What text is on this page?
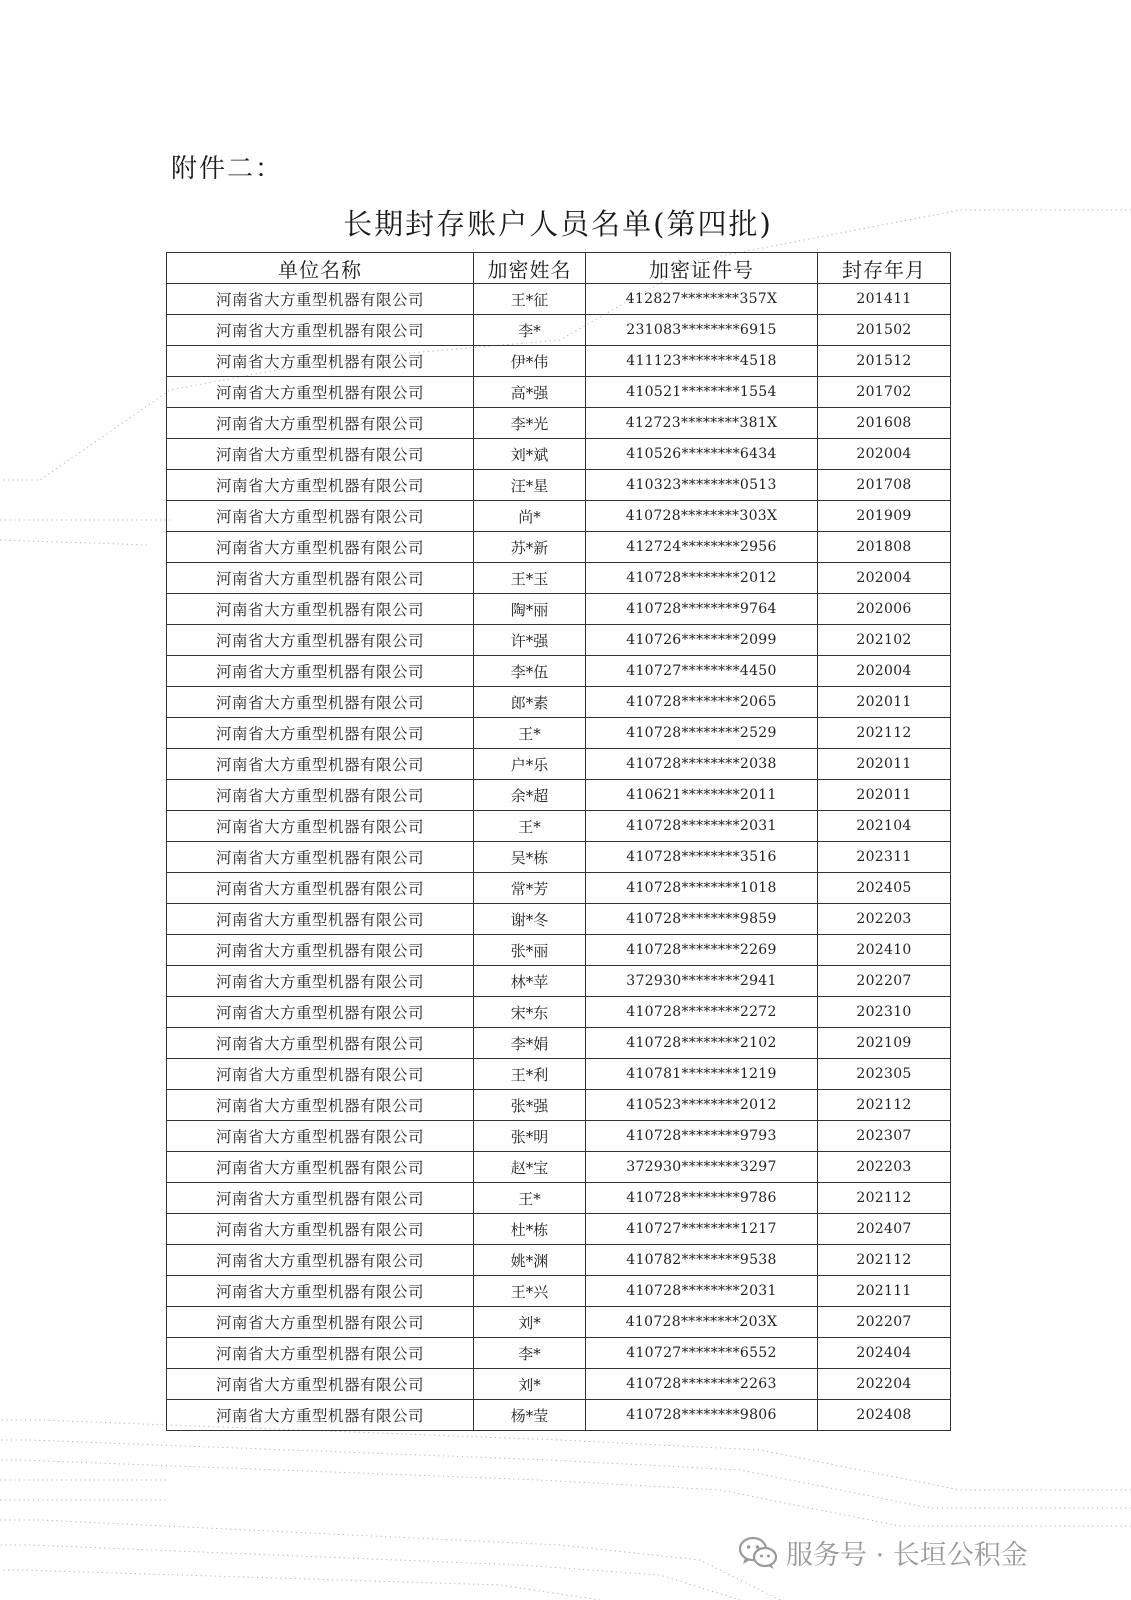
附件二：
长期封存账户人员名单(第四批)
单位名称	加密姓名	加密证件号	封存年月
河南省大方重型机器有限公司	王*征	412827********357X	201411
河南省大方重型机器有限公司	李*	231083********6915	201502
河南省大方重型机器有限公司	伊*伟	411123********4518	201512
河南省大方重型机器有限公司	高*强	410521********1554	201702
河南省大方重型机器有限公司	李*光	412723********381X	201608
河南省大方重型机器有限公司	刘*斌	410526********6434	202004
河南省大方重型机器有限公司	汪*星	410323********0513	201708
河南省大方重型机器有限公司	尚*	410728********303X	201909
河南省大方重型机器有限公司	苏*新	412724********2956	201808
河南省大方重型机器有限公司	王*玉	410728********2012	202004
河南省大方重型机器有限公司	陶*丽	410728********9764	202006
河南省大方重型机器有限公司	许*强	410726********2099	202102
河南省大方重型机器有限公司	李*伍	410727********4450	202004
河南省大方重型机器有限公司	郎*素	410728********2065	202011
河南省大方重型机器有限公司	王*	410728********2529	202112
河南省大方重型机器有限公司	户*乐	410728********2038	202011
河南省大方重型机器有限公司	余*超	410621********2011	202011
河南省大方重型机器有限公司	王*	410728********2031	202104
河南省大方重型机器有限公司	吴*栋	410728********3516	202311
河南省大方重型机器有限公司	常*芳	410728********1018	202405
河南省大方重型机器有限公司	谢*冬	410728********9859	202203
河南省大方重型机器有限公司	张*丽	410728********2269	202410
河南省大方重型机器有限公司	林*苹	372930********2941	202207
河南省大方重型机器有限公司	宋*东	410728********2272	202310
河南省大方重型机器有限公司	李*娟	410728********2102	202109
河南省大方重型机器有限公司	王*利	410781********1219	202305
河南省大方重型机器有限公司	张*强	410523********2012	202112
河南省大方重型机器有限公司	张*明	410728********9793	202307
河南省大方重型机器有限公司	赵*宝	372930********3297	202203
河南省大方重型机器有限公司	王*	410728********9786	202112
河南省大方重型机器有限公司	杜*栋	410727********1217	202407
河南省大方重型机器有限公司	姚*渊	410782********9538	202112
河南省大方重型机器有限公司	王*兴	410728********2031	202111
河南省大方重型机器有限公司	刘*	410728********203X	202207
河南省大方重型机器有限公司	李*	410727********6552	202404
河南省大方重型机器有限公司	刘*	410728********2263	202204
河南省大方重型机器有限公司	杨*莹	410728********9806	202408
服务号 · 长垣公积金
